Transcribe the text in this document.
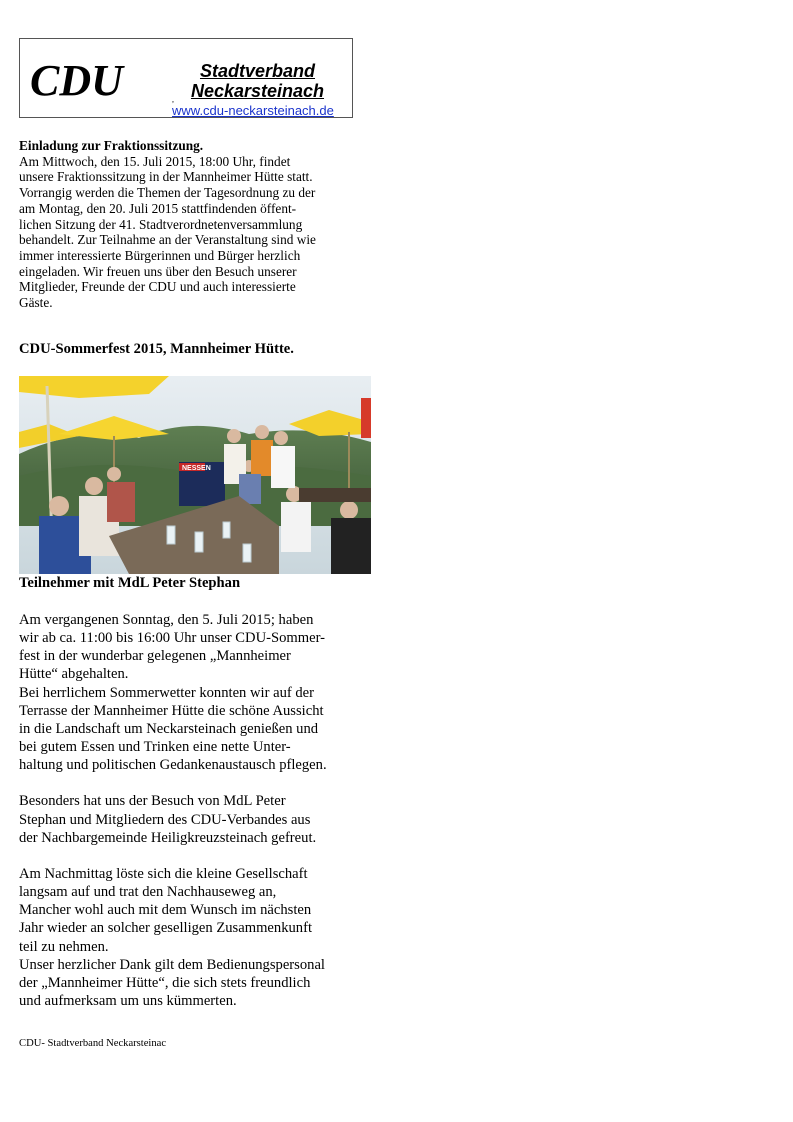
CDU	Stadtverband
Neckarsteinach
,
www.cdu-neckarsteinach.de
Einladung zur Fraktionssitzung.
Am Mittwoch, den 15. Juli 2015, 18:00 Uhr, findet
unsere Fraktionssitzung in der Mannheimer Hütte statt.
Vorrangig werden die Themen der Tagesordnung zu der
am Montag, den 20. Juli 2015 stattfindenden öffent-
lichen Sitzung der 41. Stadtverordnetenversammlung
behandelt. Zur Teilnahme an der Veranstaltung sind wie
immer interessierte Bürgerinnen und Bürger herzlich
eingeladen. Wir freuen uns über den Besuch unserer
Mitglieder, Freunde der CDU und auch interessierte
Gäste.
CDU-Sommerfest 2015, Mannheimer Hütte.
NESSEN
Teilnehmer mit MdL Peter Stephan
Am vergangenen Sonntag, den 5. Juli 2015; haben
wir ab ca. 11:00 bis 16:00 Uhr unser CDU-Sommer-
fest in der wunderbar gelegenen „Mannheimer
Hütte“ abgehalten.
Bei herrlichem Sommerwetter konnten wir auf der
Terrasse der Mannheimer Hütte die schöne Aussicht
in die Landschaft um Neckarsteinach genießen und
bei gutem Essen und Trinken eine nette Unter-
haltung und politischen Gedankenaustausch pflegen.
Besonders hat uns der Besuch von MdL Peter
Stephan und Mitgliedern des CDU-Verbandes aus
der Nachbargemeinde Heiligkreuzsteinach gefreut.
Am Nachmittag löste sich die kleine Gesellschaft
langsam auf und trat den Nachhauseweg an,
Mancher wohl auch mit dem Wunsch im nächsten
Jahr wieder an solcher geselligen Zusammenkunft
teil zu nehmen.
Unser herzlicher Dank gilt dem Bedienungspersonal
der „Mannheimer Hütte“, die sich stets freundlich
und aufmerksam um uns kümmerten.
CDU- Stadtverband Neckarsteinac
